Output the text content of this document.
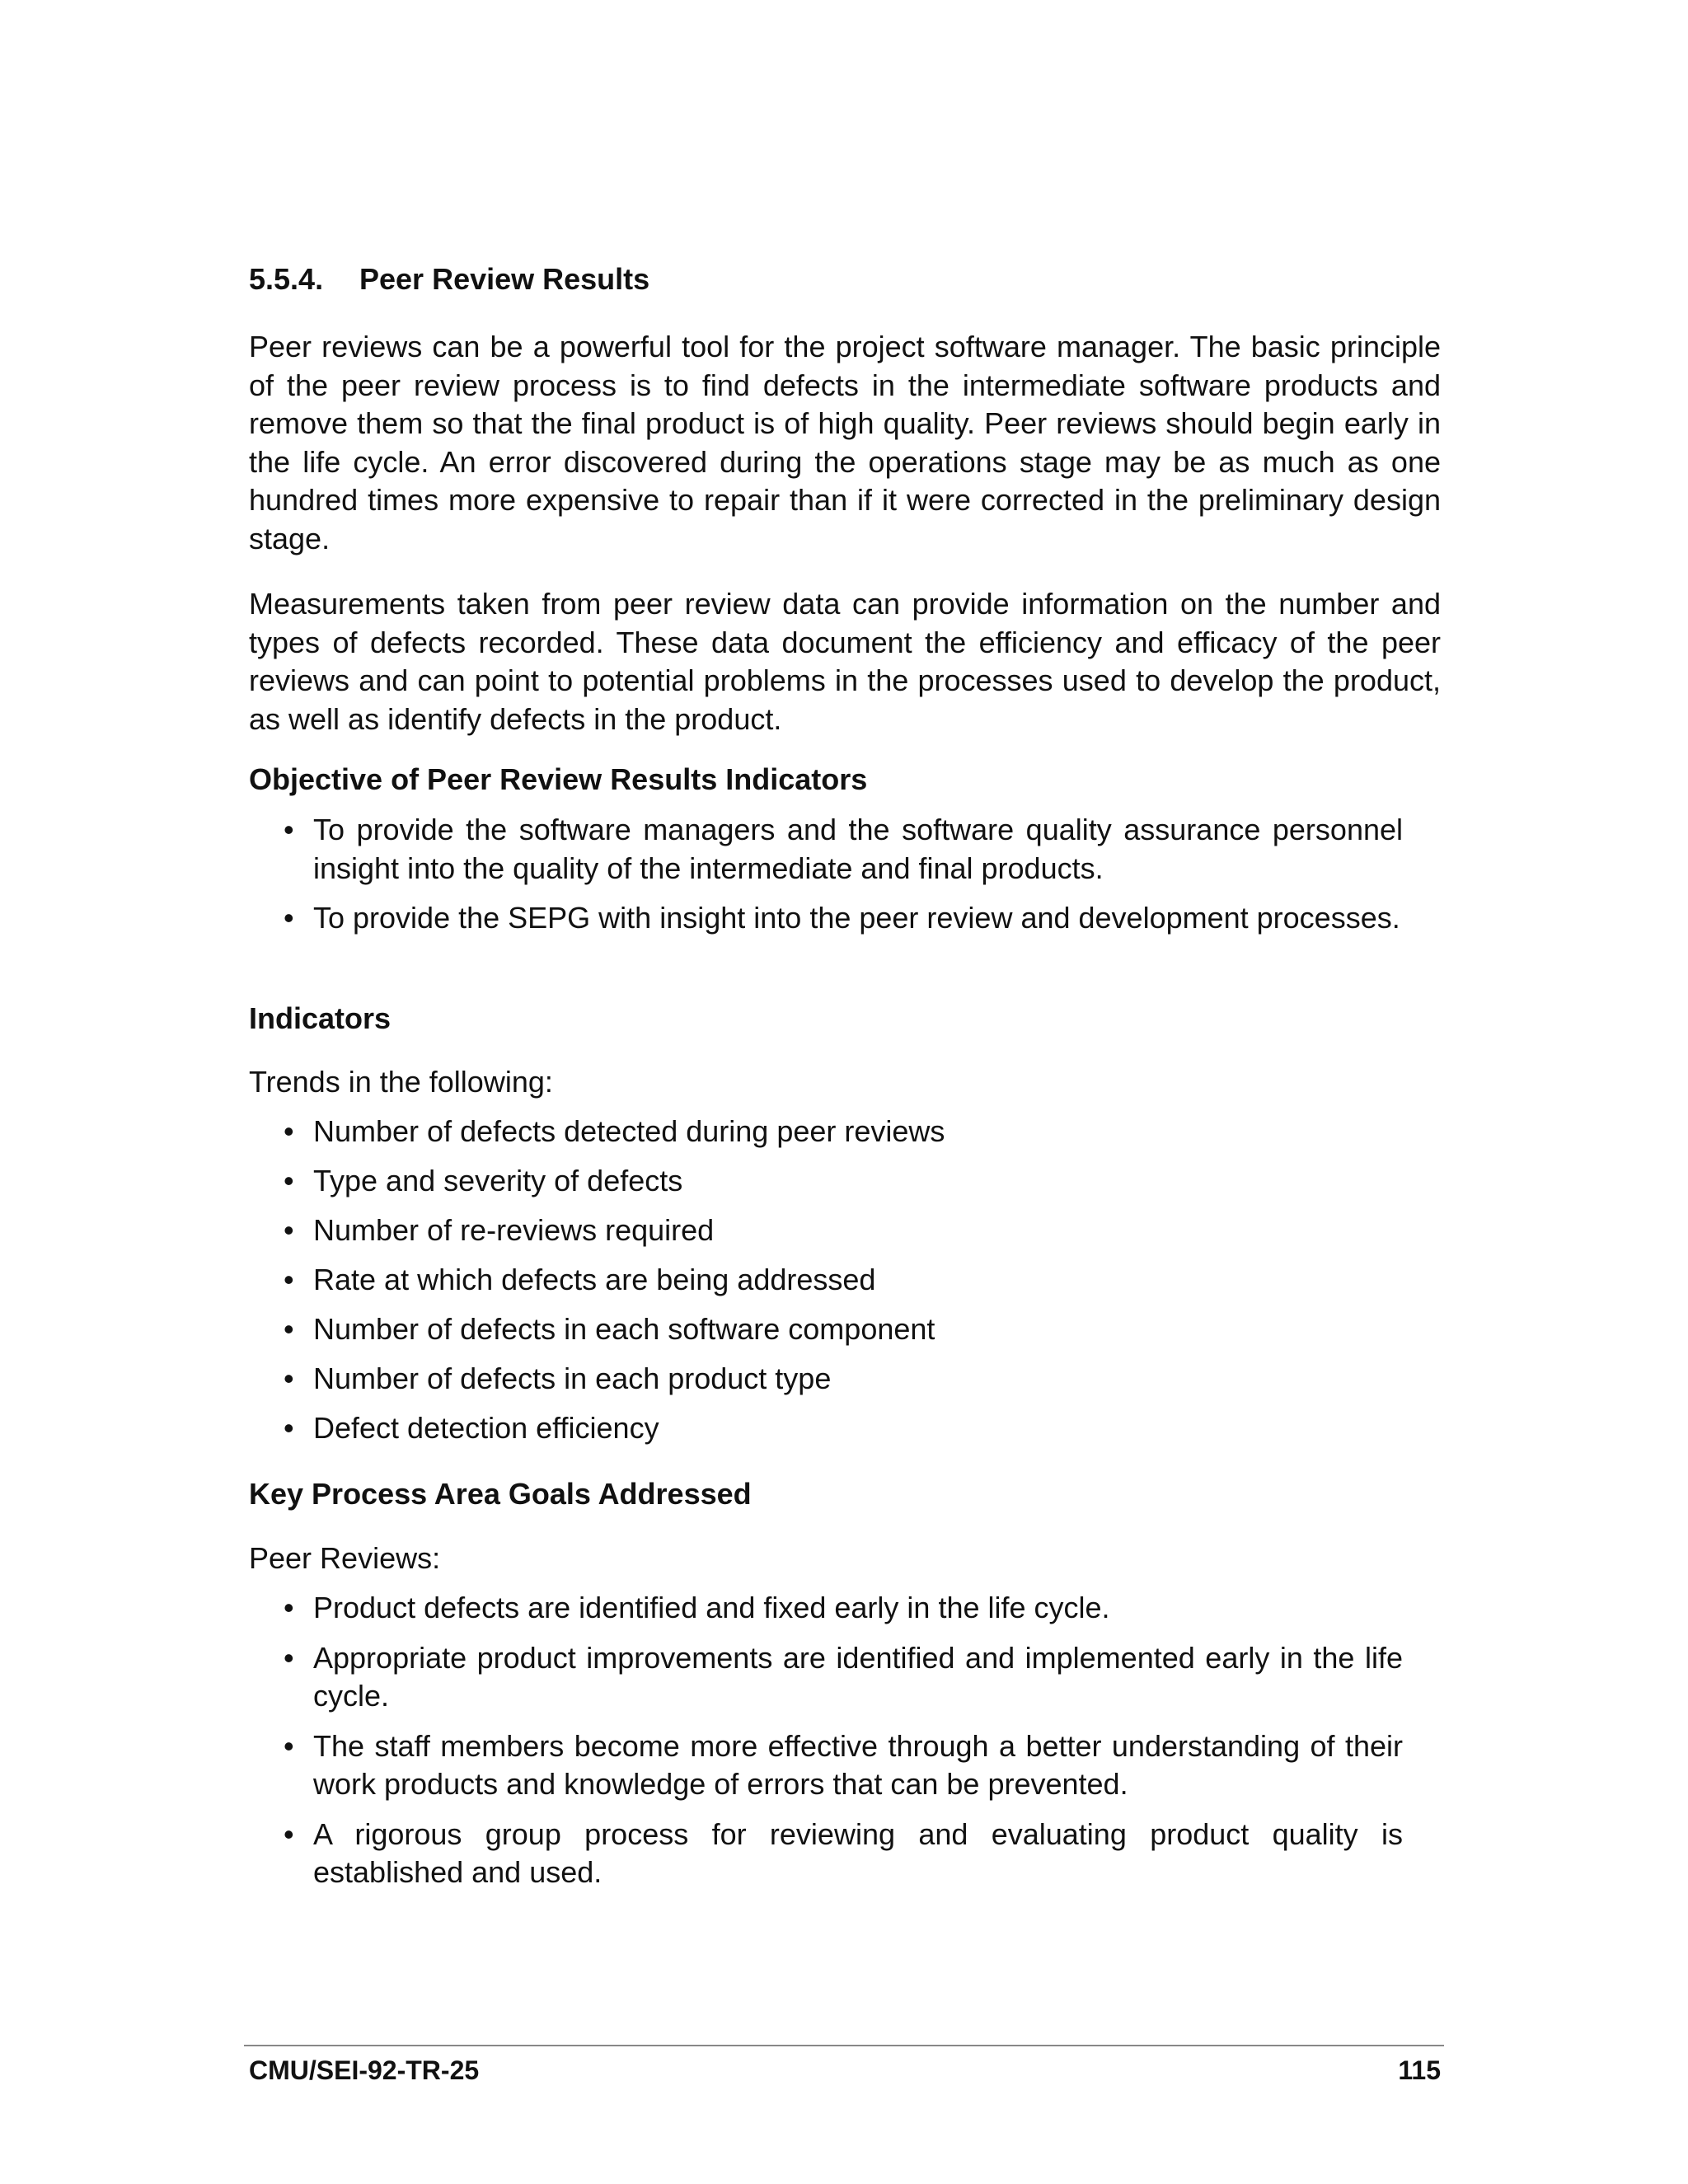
5.5.4. Peer Review Results

Peer reviews can be a powerful tool for the project software manager. The basic principle of the peer review process is to find defects in the intermediate software products and remove them so that the final product is of high quality. Peer reviews should begin early in the life cycle. An error discovered during the operations stage may be as much as one hundred times more expensive to repair than if it were corrected in the preliminary design stage.

Measurements taken from peer review data can provide information on the number and types of defects recorded. These data document the efficiency and efficacy of the peer reviews and can point to potential problems in the processes used to develop the product, as well as identify defects in the product.

Objective of Peer Review Results Indicators
• To provide the software managers and the software quality assurance personnel insight into the quality of the intermediate and final products.
• To provide the SEPG with insight into the peer review and development processes.
Indicators

Trends in the following:

• Number of defects detected during peer reviews
• Type and severity of defects
• Number of re-reviews required
• Rate at which defects are being addressed
• Number of defects in each software component
• Number of defects in each product type
• Defect detection efficiency
Key Process Area Goals Addressed

Peer Reviews:

• Product defects are identified and fixed early in the life cycle.
• Appropriate product improvements are identified and implemented early in the life cycle.
• The staff members become more effective through a better understanding of their work products and knowledge of errors that can be prevented.
• A rigorous group process for reviewing and evaluating product quality is established and used.
CMU/SEI-92-TR-25	115
